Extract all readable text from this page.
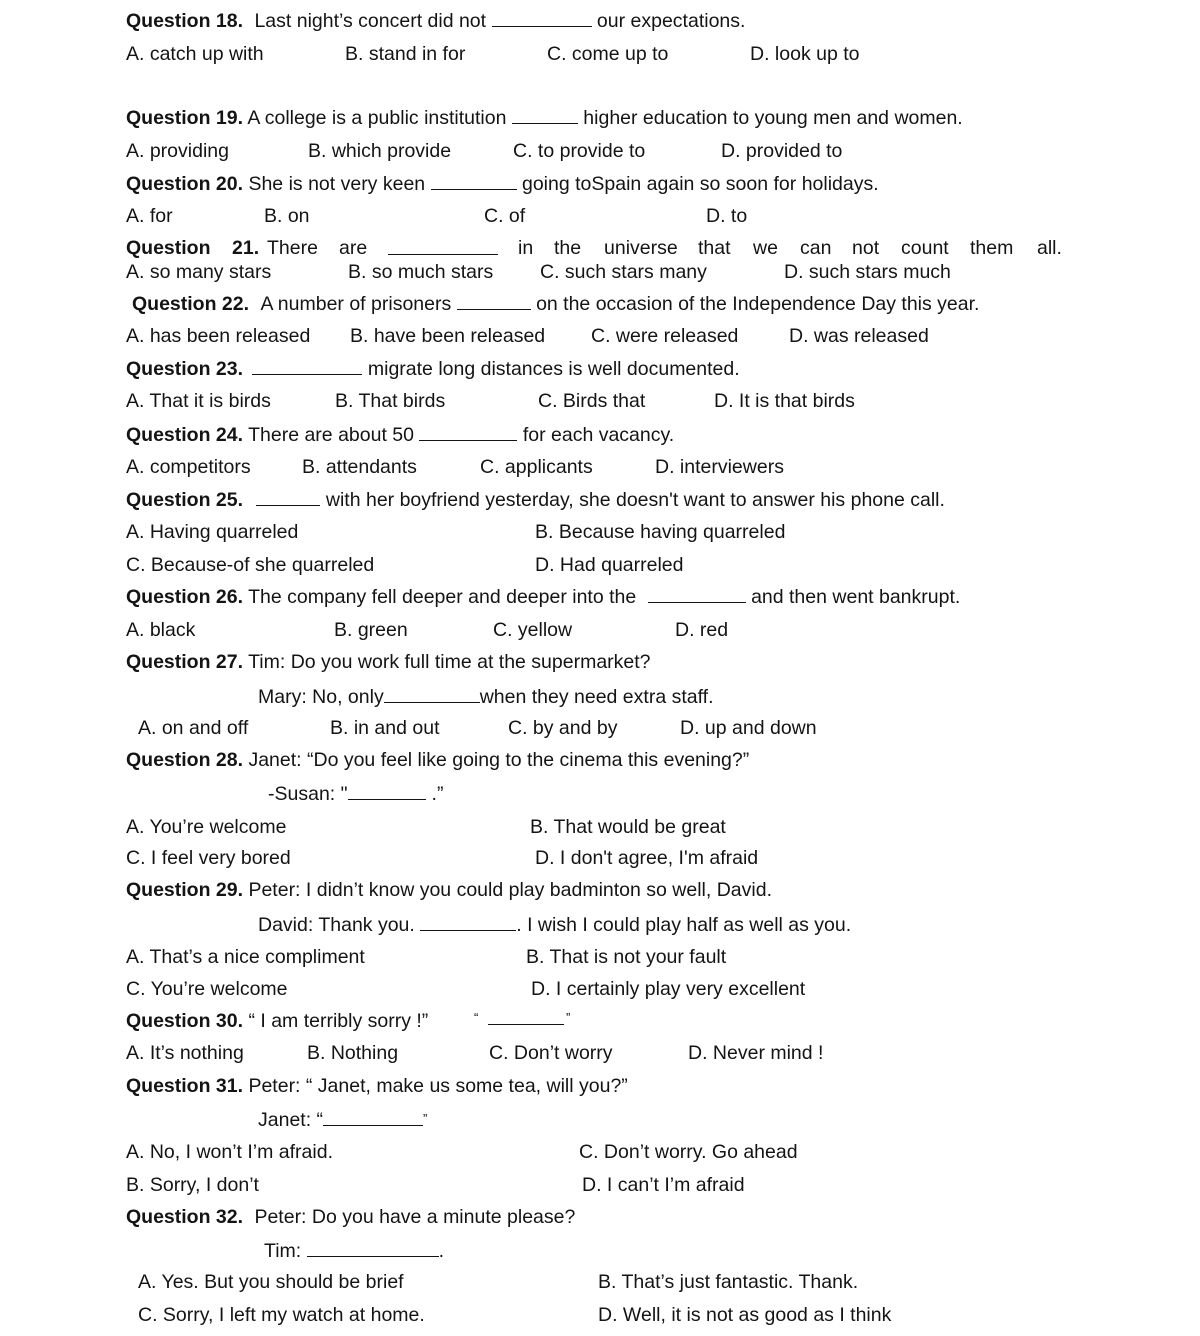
Question 18. Last night’s concert did not	our expectations.
A. catch up with	B. stand in for	C. come up to	D. look up to
Question 19. A college is a public institution	higher education to young men and women.
A. providing	B. which provide	C. to provide to	D. provided to
Question 20. She is not very keen	going toSpain again so soon for holidays.
A. for	B. on	C. of	D. to
Question 21. There are	in the universe that we can not count them all.
A. so many stars	B. so much stars C. such stars many	D. such stars much
Question 22. A number of prisoners	on the occasion of the Independence Day this year.
A. has been released B. have been released C. were released	D. was released
Question 23.	migrate long distances is well documented.
A. That it is birds	B. That birds	C. Birds that	D. It is that birds
Question 24. There are about 50	for each vacancy.
A. competitors	B. attendants	C. applicants	D. interviewers
Question 25.	with her boyfriend yesterday, she doesn't want to answer his phone call.
A. Having quarreled	B. Because having quarreled
C. Because-of she quarreled	D. Had quarreled
Question 26. The company fell deeper and deeper into the	and then went bankrupt.
A. black	B. green	C. yellow	D. red
Question 27. Tim: Do you work full time at the supermarket?
Mary: No, only	when they need extra staff.
A. on and off	B. in and out	C. by and by	D. up and down
Question 28. Janet: “Do you feel like going to the cinema this evening?”
-Susan: "	.”
A. You’re welcome	B. That would be great
C. I feel very bored	D. I don't agree, I'm afraid
Question 29. Peter: I didn’t know you could play badminton so well, David.
David: Thank you.	. I wish I could play half as well as you.
A. That’s a nice compliment	B. That is not your fault
C. You’re welcome	D. I certainly play very excellent
Question 30. “ I am terribly sorry !”	“	”
A. It’s nothing	B. Nothing	C. Don’t worry	D. Never mind !
Question 31. Peter: “ Janet, make us some tea, will you?”
Janet: “	”
A. No, I won’t I’m afraid.	C. Don’t worry. Go ahead
B. Sorry, I don’t	D. I can’t I’m afraid
Question 32. Peter: Do you have a minute please?
Tim:	.
A. Yes. But you should be brief	B. That’s just fantastic. Thank.
C. Sorry, I left my watch at home.	D. Well, it is not as good as I think
